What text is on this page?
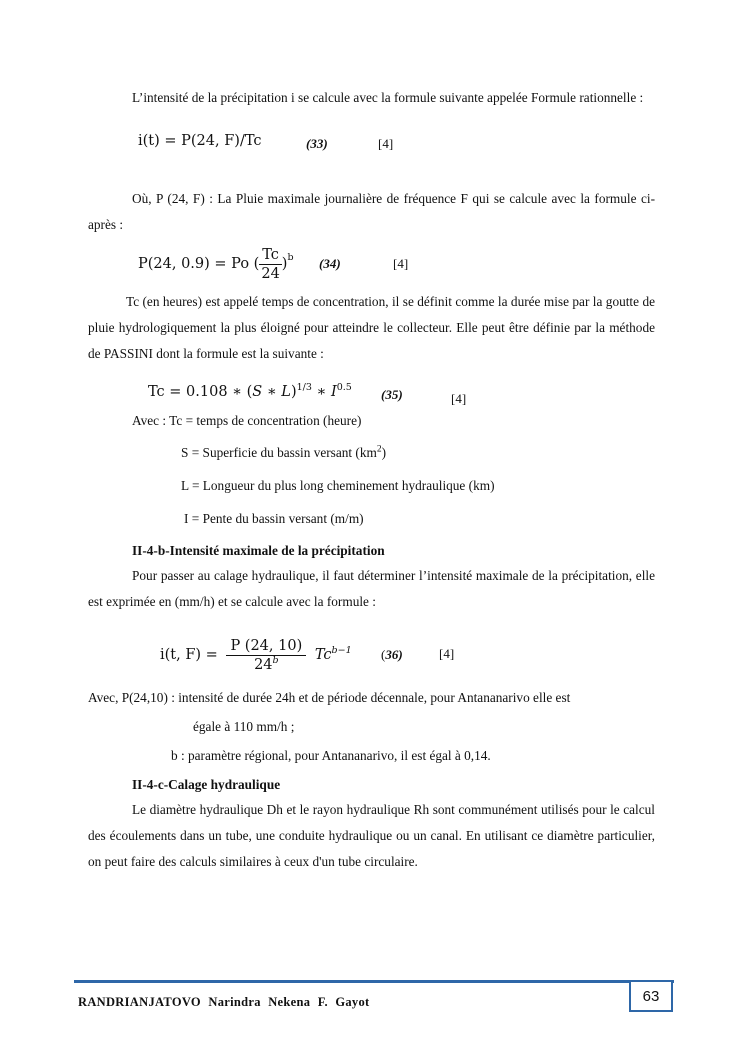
L’intensité de la précipitation i se calcule avec la formule suivante appelée Formule rationnelle :

i(t) = P(24, F)/Tc	(33)	[4]

Où, P (24, F) : La Pluie maximale journalière de fréquence F qui se calcule avec la formule ci-après :

P(24, 0.9) = Po ( $\frac{Tc}{24} )^b$ (34)	[4]

Tc (en heures) est appelé temps de concentration, il se définit comme la durée mise par la goutte de pluie hydrologiquement la plus éloigné pour atteindre le collecteur. Elle peut être définie par la méthode de PASSINI dont la formule est la suivante :

Tc = 0.108 ∗ (S ∗ L)$^{1/3}$ ∗ $I^{0.5}$ (35)	[4]
Avec : Tc = temps de concentration (heure)
S = Superficie du bassin versant $(km^2)$
L = Longueur du plus long cheminement hydraulique (km)
I = Pente du bassin versant (m/m)
II-4-b-Intensité maximale de la précipitation

Pour passer au calage hydraulique, il faut déterminer l’intensité maximale de la précipitation, elle est exprimée en (mm/h) et se calcule avec la formule :

i(t, $F) = \frac{P (24, 10)}{24^b} Tc^{b-1}$ (36)	[4]
Avec, P(24,10) : intensité de durée 24h et de période décennale, pour Antananarivo elle est
égale à 110 mm/h ;
b : paramètre régional, pour Antananarivo, il est égal à 0,14.
II-4-c-Calage hydraulique

Le diamètre hydraulique Dh et le rayon hydraulique Rh sont communément utilisés pour le calcul des écoulements dans un tube, une conduite hydraulique ou un canal. En utilisant ce diamètre particulier, on peut faire des calculs similaires à ceux d'un tube circulaire.

RANDRIANJATOVO Narindra Nekena F. Gayot	63
